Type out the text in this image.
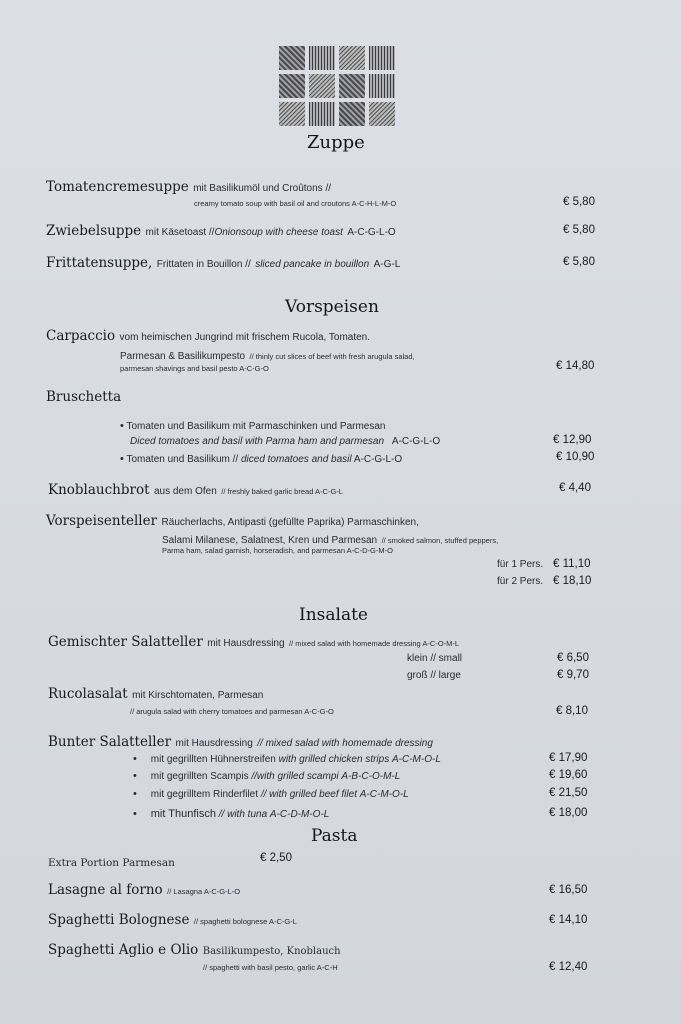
Zuppe
Tomatencremesuppe mit Basilikumöl und Croûtons //
creamy tomato soup with basil oil and croutons A-C-H-L-M-O	€ 5,80
Zwiebelsuppe mit Käsetoast //Onionsoup with cheese toast A-C-G-L-O	€ 5,80
Frittatensuppe, Frittaten in Bouillon // sliced pancake in bouillon A-G-L	€ 5,80
Vorspeisen
Carpaccio vom heimischen Jungrind mit frischem Rucola, Tomaten.
Parmesan & Basilikumpesto // thinly cut slices of beef with fresh arugula salad,
parmesan shavings and basil pesto A-C-G-O	€ 14,80
Bruschetta
• Tomaten und Basilikum mit Parmaschinken und Parmesan
Diced tomatoes and basil with Parma ham and parmesan A-C-G-L-O	€ 12,90
• Tomaten und Basilikum // diced tomatoes and basil A-C-G-L-O	€ 10,90
Knoblauchbrot aus dem Ofen // freshly baked garlic bread A-C-G-L	€ 4,40
Vorspeisenteller Räucherlachs, Antipasti (gefüllte Paprika) Parmaschinken,
Salami Milanese, Salatnest, Kren und Parmesan // smoked salmon, stuffed peppers,
Parma ham, salad garnish, horseradish, and parmesan A-C-D-G-M-O
für 1 Pers. € 11,10
für 2 Pers. € 18,10
Insalate
Gemischter Salatteller mit Hausdressing // mixed salad with homemade dressing A-C-O-M-L
klein // small	€ 6,50
groß // large	€ 9,70
Rucolasalat mit Kirschtomaten, Parmesan
// arugula salad with cherry tomatoes and parmesan A-C-G-O	€ 8,10
Bunter Salatteller mit Hausdressing // mixed salad with homemade dressing
• mit gegrillten Hühnerstreifen with grilled chicken strips A-C-M-O-L	€ 17,90
• mit gegrillten Scampis //with grilled scampi A-B-C-O-M-L	€ 19,60
• mit gegrilltem Rinderfilet // with grilled beef filet A-C-M-O-L	€ 21,50
• mit Thunfisch // with tuna A-C-D-M-O-L	€ 18,00
Pasta
Extra Portion Parmesan	€ 2,50
Lasagne al forno // Lasagna A-C-G-L-O	€ 16,50
Spaghetti Bolognese // spaghetti bolognese A-C-G-L	€ 14,10
Spaghetti Aglio e Olio Basilikumpesto, Knoblauch
// spaghetti with basil pesto, garlic A-C-H	€ 12,40
